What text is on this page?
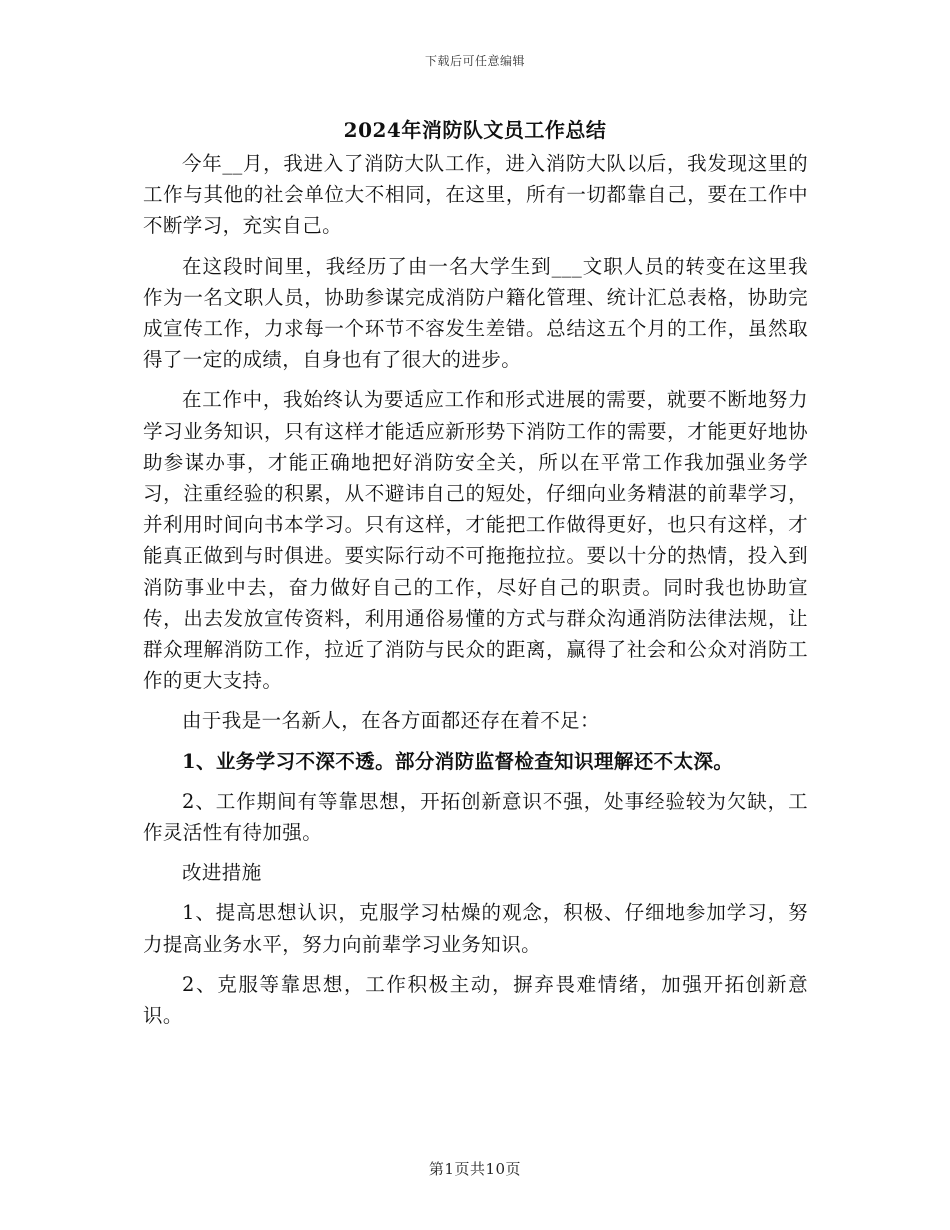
下载后可任意编辑
2024年消防队文员工作总结

今年__月，我进入了消防大队工作，进入消防大队以后，我发现这里的工作与其他的社会单位大不相同，在这里，所有一切都靠自己，要在工作中不断学习，充实自己。

在这段时间里，我经历了由一名大学生到___文职人员的转变在这里我作为一名文职人员，协助参谋完成消防户籍化管理、统计汇总表格，协助完成宣传工作，力求每一个环节不容发生差错。总结这五个月的工作，虽然取得了一定的成绩，自身也有了很大的进步。

在工作中，我始终认为要适应工作和形式进展的需要，就要不断地努力学习业务知识，只有这样才能适应新形势下消防工作的需要，才能更好地协助参谋办事，才能正确地把好消防安全关，所以在平常工作我加强业务学习，注重经验的积累，从不避讳自己的短处，仔细向业务精湛的前辈学习，并利用时间向书本学习。只有这样，才能把工作做得更好，也只有这样，才能真正做到与时俱进。要实际行动不可拖拖拉拉。要以十分的热情，投入到消防事业中去，奋力做好自己的工作，尽好自己的职责。同时我也协助宣传，出去发放宣传资料，利用通俗易懂的方式与群众沟通消防法律法规，让群众理解消防工作，拉近了消防与民众的距离，赢得了社会和公众对消防工作的更大支持。

由于我是一名新人，在各方面都还存在着不足：

1、业务学习不深不透。部分消防监督检查知识理解还不太深。

2、工作期间有等靠思想，开拓创新意识不强，处事经验较为欠缺，工作灵活性有待加强。

改进措施

1、提高思想认识，克服学习枯燥的观念，积极、仔细地参加学习，努力提高业务水平，努力向前辈学习业务知识。

2、克服等靠思想，工作积极主动，摒弃畏难情绪，加强开拓创新意识。

第1页共10页
